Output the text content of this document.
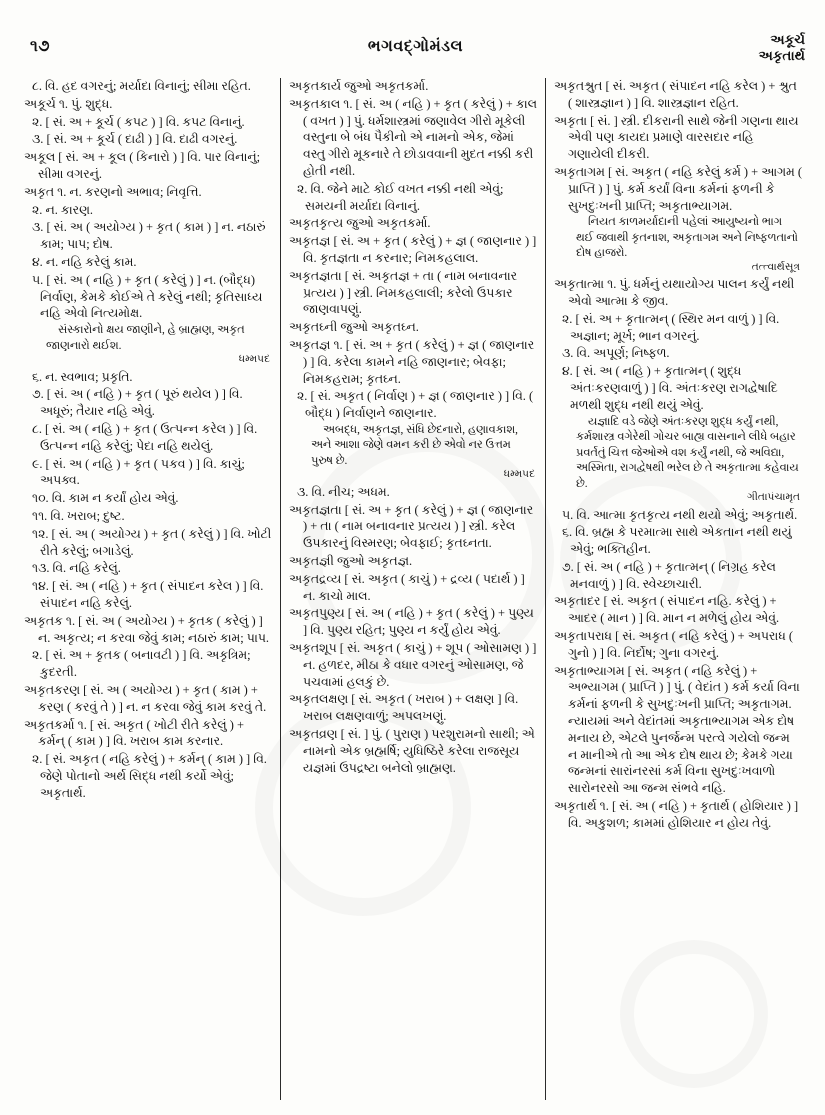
૧૭	ભગવદ્ગોમંડલ	અકૂર્ચ
અકૃતાર્થ

૮. વિ. હદ વગરનું; મર્યાદા વિનાનું; સીમા રહિત.

અકૂર્ચ ૧. પું. શુદ્ધ.

૨. [ સં. અ + કૂર્ચ ( કપટ ) ] વિ. કપટ વિનાનું.

૩. [ સં. અ + કૂર્ચ ( દાઢી ) ] વિ. દાઢી વગરનું.

અકૂલ [ સં. અ + કૂલ ( કિનારો ) ] વિ. પાર વિનાનું; સીમા વગરનું.

અકૃત ૧. ન. કરણનો અભાવ; નિવૃત્તિ.

૨. ન. કારણ.

૩. [ સં. અ ( અયોગ્ય ) + કૃત ( કામ ) ] ન. નઠારું કામ; પાપ; દોષ.

૪. ન. નહિ કરેલું કામ.

૫. [ સં. અ ( નહિ ) + કૃત ( કરેલું ) ] ન. (બૌદ્ધ) નિર્વાણ, કેમકે કોઈએ તે કરેલું નથી; કૃતિસાધ્ય નહિ એવો નિત્યમોક્ષ.

સંસ્કારોનો ક્ષય જાણીને, હે બ્રાહ્મણ, અકૃત જાણનારો થઈશ.
ધમ્મપદ

૬. ન. સ્વભાવ; પ્રકૃતિ.

૭. [ સં. અ ( નહિ ) + કૃત ( પૂરું થયેલ ) ] વિ. અધૂરું; તૈયાર નહિ એવું.

૮. [ સં. અ ( નહિ ) + કૃત ( ઉત્પન્ન કરેલ ) ] વિ. ઉત્પન્ન નહિ કરેલું; પેદા નહિ થયેલું.

૯. [ સં. અ ( નહિ ) + કૃત ( પકવ ) ] વિ. કાચું; અપક્વ.

૧૦. વિ. કામ ન કર્યાં હોય એવું.

૧૧. વિ. ખરાબ; દુષ્ટ.

૧૨. [ સં. અ ( અયોગ્ય ) + કૃત ( કરેલું ) ] વિ. ખોટી રીતે કરેલું; બગાડેલું.

૧૩. વિ. નહિ કરેલું.

૧૪. [ સં. અ ( નહિ ) + કૃત ( સંપાદન કરેલ ) ] વિ. સંપાદન નહિ કરેલું.

અકૃતક ૧. [ સં. અ ( અયોગ્ય ) + કૃતક ( કરેલું ) ] ન. અકૃત્ય; ન કરવા જેવું કામ; નઠારું કામ; પાપ.

૨. [ સં. અ + કૃતક ( બનાવટી ) ] વિ. અકૃત્રિમ; કુદરતી.

અકૃતકરણ [ સં. અ ( અયોગ્ય ) + કૃત ( કામ ) + કરણ ( કરવું તે ) ] ન. ન કરવા જેવું કામ કરવું તે.

અકૃતકર્મા ૧. [ સં. અકૃત ( ખોટી રીતે કરેલું ) + કર્મન્ ( કામ ) ] વિ. ખરાબ કામ કરનાર.

૨. [ સં. અકૃત ( નહિ કરેલું ) + કર્મન્ ( કામ ) ] વિ. જેણે પોતાનો અર્થ સિદ્ધ નથી કર્યો એવું; અકૃતાર્થ.

અકૃતકાર્ય જુઓ અકૃતકર્મા.

અકૃતકાલ ૧. [ સં. અ ( નહિ ) + કૃત ( કરેલું ) + કાલ ( વખત ) ] પું. ધર્મશાસ્ત્રમાં જણાવેલ ગીરો મૂકેલી વસ્તુના બે બંધ પૈકીનો એ નામનો એક, જેમાં વસ્તુ ગીરો મૂકનારે તે છોડાવવાની મુદત નક્કી કરી હોતી નથી.

૨. વિ. જેને માટે કોઈ વખત નક્કી નથી એવું; સમયની મર્યાદા વિનાનું.

અકૃતકૃત્ય જુઓ અકૃતકર્મા.

અકૃતજ્ઞ [ સં. અ + કૃત ( કરેલું ) + જ્ઞ ( જાણનાર ) ] વિ. કૃતજ્ઞતા ન કરનાર; નિમકહલાલ.

અકૃતજ્ઞતા [ સં. અકૃતજ્ઞ + તા ( નામ બનાવનાર પ્રત્યય ) ] સ્ત્રી. નિમકહલાલી; કરેલો ઉપકાર જાણવાપણું.

અકૃતઘ્ની જુઓ અકૃતઘ્ન.

અકૃતજ્ઞ ૧. [ સં. અ + કૃત ( કરેલું ) + જ્ઞ ( જાણનાર ) ] વિ. કરેલા કામને નહિ જાણનાર; બેવફા; નિમકહરામ; કૃતઘ્ન.

૨. [ સં. અકૃત ( નિર્વાણ ) + જ્ઞ ( જાણનાર ) ] વિ. ( બૌદ્ધ ) નિર્વાણને જાણનાર.

અબદ્ધ, અકૃતજ્ઞ, સંધિ છેદનારો, હણાવકાશ, અને આશા જેણે વમન કરી છે એવો નર ઉત્તમ પુરુષ છે.
ધમ્મપદ

૩. વિ. નીચ; અધમ.

અકૃતજ્ઞતા [ સં. અ + કૃત ( કરેલું ) + જ્ઞ ( જાણનાર ) + તા ( નામ બનાવનાર પ્રત્યય ) ] સ્ત્રી. કરેલ ઉપકારનું વિસ્મરણ; બેવફાઈ; કૃતઘ્નતા.

અકૃતજ્ઞી જુઓ અકૃતજ્ઞ.

અકૃતદ્રવ્ય [ સં. અકૃત ( કાચું ) + દ્રવ્ય ( પદાર્થ ) ] ન. કાચો માલ.

અકૃતપુણ્ય [ સં. અ ( નહિ ) + કૃત ( કરેલું ) + પુણ્ય ] વિ. પુણ્ય રહિત; પુણ્ય ન કર્યું હોય એવું.

અકૃતશૂપ [ સં. અકૃત ( કાચું ) + શૂપ ( ઓસામણ ) ] ન. હળદર, મીઠા કે વધાર વગરનું ઓસામણ, જે પચવામાં હલકું છે.

અકૃતલક્ષણ [ સં. અકૃત ( ખરાબ ) + લક્ષણ ] વિ. ખરાબ લક્ષણવાળું; અપલખણું.

અકૃતવ્રણ [ સં. ] પું. ( પુરાણ ) પરશુરામનો સાથી; એ નામનો એક બ્રહ્મર્ષિ; યુધિષ્ઠિરે કરેલા રાજસૂય યજ્ઞમાં ઉપદ્રષ્ટા બનેલો બ્રાહ્મણ.

અકૃતશ્રુત [ સં. અકૃત ( સંપાદન નહિ કરેલ ) + શ્રુત ( શાસ્ત્રજ્ઞાન ) ] વિ. શાસ્ત્રજ્ઞાન રહિત.

અકૃતા [ સં. ] સ્ત્રી. દીકરાની સાથે જેની ગણના થાય એવી પણ કાયદા પ્રમાણે વારસદાર નહિ ગણાયેલી દીકરી.

અકૃતાગમ [ સં. અકૃત ( નહિ કરેલું કર્મ ) + આગમ ( પ્રાપ્તિ ) ] પું. કર્મ કર્યાં વિના કર્મનાં ફળની કે સુખદુઃખની પ્રાપ્તિ; અકૃતાભ્યાગમ.

નિયત કાળમર્યાદાની પહેલાં આયુષ્યનો ભાગ થઈ જવાથી કૃતનાશ, અકૃતાગમ અને નિષ્ફળતાનો દોષ હાજરો.
તત્ત્વાર્થસૂત્ર

અકૃતાત્મા ૧. પું. ધર્મનું યથાયોગ્ય પાલન કર્યું નથી એવો આત્મા કે જીવ.

૨. [ સં. અ + કૃતાત્મન્ ( સ્થિર મન વાળું ) ] વિ. અજ્ઞાન; મૂર્ખ; ભાન વગરનું.

૩. વિ. અપૂર્ણ; નિષ્ફળ.

૪. [ સં. અ ( નહિ ) + કૃતાત્મન્ ( શુદ્ધ અંતઃકરણવાળું ) ] વિ. અંતઃકરણ રાગદ્વેષાદિ મળથી શુદ્ધ નથી થયું એવું.

યજ્ઞાદિ વડે જેણે અંતઃકરણ શુદ્ધ કર્યું નથી, કર્મશાસ્ત્ર વગેરેથી ગોચર બાહ્ય વાસનાને લીધે બહાર પ્રવર્તતું ચિત્ત જેઓએ વશ કર્યું નથી, જે અવિદ્યા, અસ્મિતા, રાગદ્વેષથી ભરેલ છે તે અકૃતાત્મા કહેવાય છે.
ગીતાપંચામૃત

૫. વિ. આત્મા કૃતકૃત્ય નથી થયો એવું; અકૃતાર્થ.

૬. વિ. બ્રહ્મ કે પરમાત્મા સાથે એકતાન નથી થયું એવું; ભક્તિહીન.

૭. [ સં. અ ( નહિ ) + કૃતાત્મન્ ( નિગ્રહ કરેલ મનવાળું ) ] વિ. સ્વેચ્છાચારી.

અકૃતાદર [ સં. અકૃત ( સંપાદન નહિ. કરેલું ) + આદર ( માન ) ] વિ. માન ન મળેલું હોય એવું.

અકૃતાપરાધ [ સં. અકૃત ( નહિ કરેલું ) + અપરાધ ( ગુનો ) ] વિ. નિર્દોષ; ગુના વગરનું.

અકૃતાભ્યાગમ [ સં. અકૃત ( નહિ કરેલું ) + અભ્યાગમ ( પ્રાપ્તિ ) ] પું. ( વેદાંત ) કર્મ કર્યા વિના કર્મનાં ફળની કે સુખદુઃખની પ્રાપ્તિ; અકૃતાગમ. ન્યાયમાં અને વેદાંતમાં અકૃતાભ્યાગમ એક દોષ મનાય છે, એટલે પુનર્જન્મ પરત્વે ગયેલો જન્મ ન માનીએ તો આ એક દોષ થાય છે; કેમકે ગયા જન્મનાં સારાંનરસાં કર્મ વિના સુખદુઃખવાળો સારોનરસો આ જન્મ સંભવે નહિ.

અકૃતાર્થ ૧. [ સં. અ ( નહિ ) + કૃતાર્થ ( હોશિયાર ) ] વિ. અકુશળ; કામમાં હોશિયાર ન હોય તેવું.
